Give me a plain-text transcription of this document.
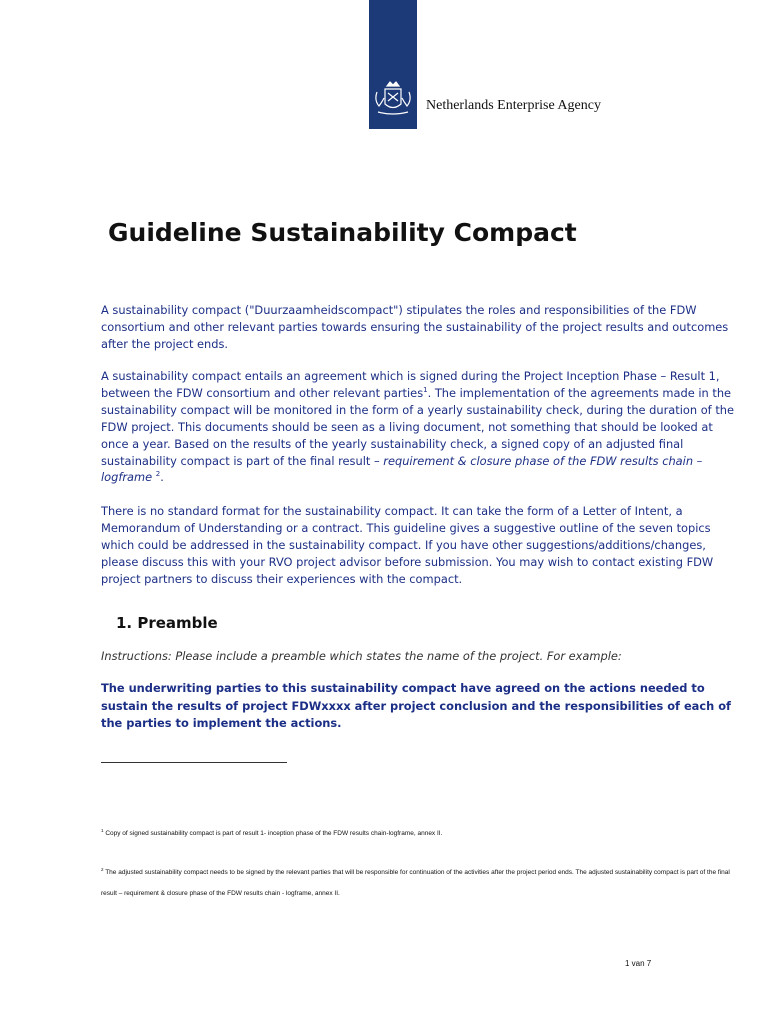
Netherlands Enterprise Agency
Guideline Sustainability Compact

A sustainability compact ("Duurzaamheidscompact") stipulates the roles and responsibilities of the FDW consortium and other relevant parties towards ensuring the sustainability of the project results and outcomes after the project ends.

A sustainability compact entails an agreement which is signed during the Project Inception Phase – Result 1, between the FDW consortium and other relevant parties$^1$. The implementation of the agreements made in the sustainability compact will be monitored in the form of a yearly sustainability check, during the duration of the FDW project. This documents should be seen as a living document, not something that should be looked at once a year. Based on the results of the yearly sustainability check, a signed copy of an adjusted final sustainability compact is part of the final result – requirement & closure phase of the FDW results chain – logframe $^2$.

There is no standard format for the sustainability compact. It can take the form of a Letter of Intent, a Memorandum of Understanding or a contract. This guideline gives a suggestive outline of the seven topics which could be addressed in the sustainability compact. If you have other suggestions/additions/changes, please discuss this with your RVO project advisor before submission. You may wish to contact existing FDW project partners to discuss their experiences with the compact.

1. Preamble
Instructions: Please include a preamble which states the name of the project. For example:

The underwriting parties to this sustainability compact have agreed on the actions needed to sustain the results of project FDWxxxx after project conclusion and the responsibilities of each of the parties to implement the actions.

$^1$ Copy of signed sustainability compact is part of result 1- inception phase of the FDW results chain-logframe, annex II.

$^2$ The adjusted sustainability compact needs to be signed by the relevant parties that will be responsible for continuation of the activities after the project period ends. The adjusted sustainability compact is part of the final result – requirement & closure phase of the FDW results chain - logframe, annex II.

1 van 7
